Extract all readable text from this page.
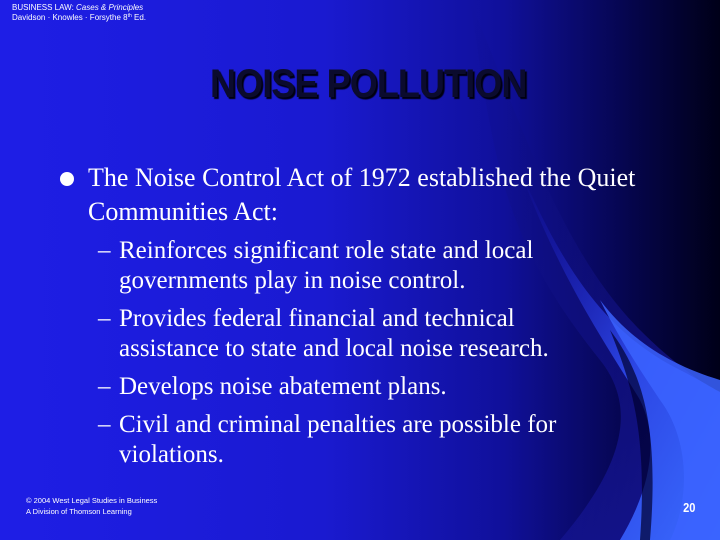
BUSINESS LAW: Cases & Principles
Davidson · Knowles · Forsythe 8th Ed.
NOISE POLLUTION
The Noise Control Act of 1972 established the Quiet Communities Act:
– Reinforces significant role state and local governments play in noise control.
– Provides federal financial and technical assistance to state and local noise research.
– Develops noise abatement plans.
– Civil and criminal penalties are possible for violations.
© 2004 West Legal Studies in Business
A Division of Thomson Learning	20
